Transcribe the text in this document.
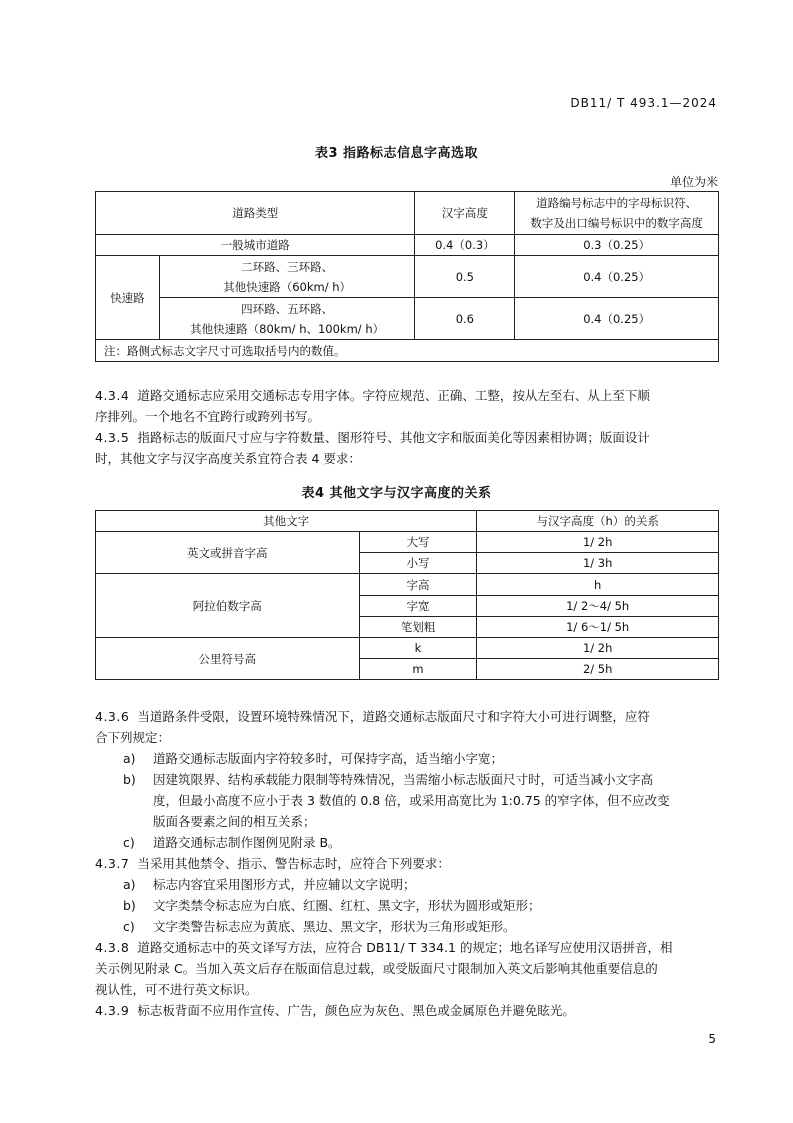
DB11/ T 493.1—2024
表3 指路标志信息字高选取
单位为米
道路类型		汉字高度	道路编号标志中的字母标识符、
数字及出口编号标识中的数字高度

一般城市道路		0.4（0.3）	0.3（0.25）
快速路	二环路、三环路、
其他快速路（60km/ h）	0.5	0.4（0.25）

	四环路、五环路、
其他快速路（80km/ h、100km/ h）	0.6	0.4（0.25）
注：路侧式标志文字尺寸可选取括号内的数值。			
4.3.4 道路交通标志应采用交通标志专用字体。字符应规范、正确、工整，按从左至右、从上至下顺
序排列。一个地名不宜跨行或跨列书写。
4.3.5 指路标志的版面尺寸应与字符数量、图形符号、其他文字和版面美化等因素相协调；版面设计
时，其他文字与汉字高度关系宜符合表 4 要求：
表4 其他文字与汉字高度的关系
其他文字		与汉字高度（h）的关系
英文或拼音字高	大写	1/ 2h
	小写	1/ 3h
阿拉伯数字高	字高	h
	字宽	1/ 2～4/ 5h
	笔划粗	1/ 6～1/ 5h
公里符号高	k	1/ 2h
	m	2/ 5h
4.3.6 当道路条件受限，设置环境特殊情况下，道路交通标志版面尺寸和字符大小可进行调整，应符
合下列规定：
a) 道路交通标志版面内字符较多时，可保持字高，适当缩小字宽；
b) 因建筑限界、结构承载能力限制等特殊情况，当需缩小标志版面尺寸时，可适当减小文字高
度，但最小高度不应小于表 3 数值的 0.8 倍，或采用高宽比为 1:0.75 的窄字体，但不应改变
版面各要素之间的相互关系；
c) 道路交通标志制作图例见附录 B。
4.3.7 当采用其他禁令、指示、警告标志时，应符合下列要求：
a) 标志内容宜采用图形方式，并应辅以文字说明；
b) 文字类禁令标志应为白底、红圈、红杠、黑文字，形状为圆形或矩形；
c) 文字类警告标志应为黄底、黑边、黑文字，形状为三角形或矩形。
4.3.8 道路交通标志中的英文译写方法，应符合 DB11/ T 334.1 的规定；地名译写应使用汉语拼音，相
关示例见附录 C。当加入英文后存在版面信息过载，或受版面尺寸限制加入英文后影响其他重要信息的
视认性，可不进行英文标识。
4.3.9 标志板背面不应用作宣传、广告，颜色应为灰色、黑色或金属原色并避免眩光。
5
